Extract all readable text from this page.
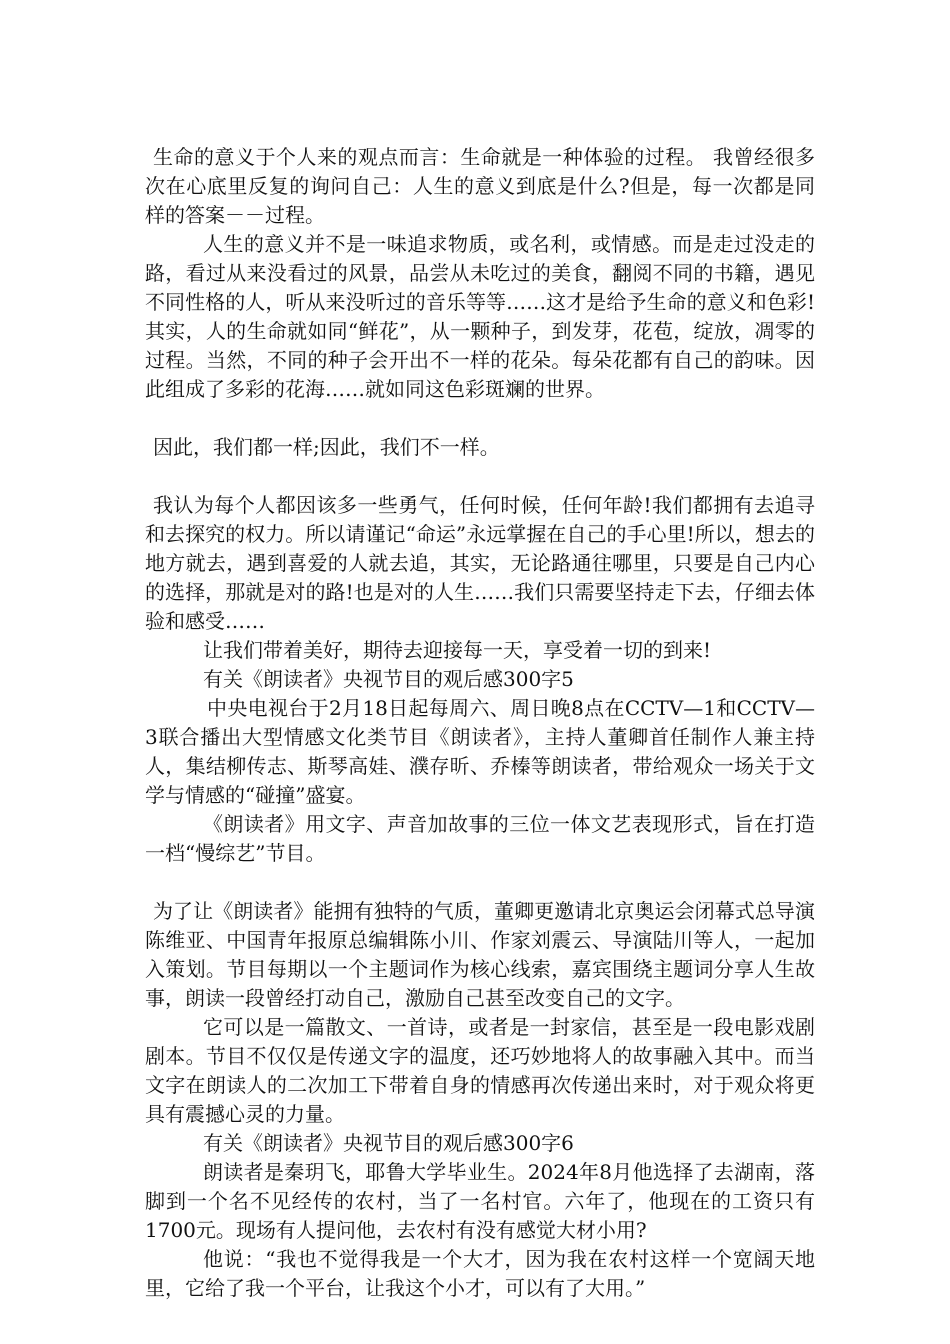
生命的意义于个人来的观点而言：生命就是一种体验的过程。 我曾经很多次在心底里反复的询问自己：人生的意义到底是什么?但是，每一次都是同样的答案－－过程。

人生的意义并不是一味追求物质，或名利，或情感。而是走过没走的路，看过从来没看过的风景，品尝从未吃过的美食，翻阅不同的书籍，遇见不同性格的人，听从来没听过的音乐等等……这才是给予生命的意义和色彩!其实，人的生命就如同“鲜花”，从一颗种子，到发芽，花苞，绽放，凋零的过程。当然，不同的种子会开出不一样的花朵。每朵花都有自己的韵味。因此组成了多彩的花海……就如同这色彩斑斓的世界。

因此，我们都一样;因此，我们不一样。

我认为每个人都因该多一些勇气，任何时候，任何年龄!我们都拥有去追寻和去探究的权力。所以请谨记“命运”永远掌握在自己的手心里!所以，想去的地方就去，遇到喜爱的人就去追，其实，无论路通往哪里，只要是自己内心的选择，那就是对的路!也是对的人生……我们只需要坚持走下去，仔细去体验和感受……

让我们带着美好，期待去迎接每一天，享受着一切的到来!

有关《朗读者》央视节目的观后感300字5

中央电视台于2月18日起每周六、周日晚8点在CCTV—1和CCTV—3联合播出大型情感文化类节目《朗读者》，主持人董卿首任制作人兼主持人，集结柳传志、斯琴高娃、濮存昕、乔榛等朗读者，带给观众一场关于文学与情感的“碰撞”盛宴。

《朗读者》用文字、声音加故事的三位一体文艺表现形式，旨在打造一档“慢综艺”节目。

为了让《朗读者》能拥有独特的气质，董卿更邀请北京奥运会闭幕式总导演陈维亚、中国青年报原总编辑陈小川、作家刘震云、导演陆川等人，一起加入策划。节目每期以一个主题词作为核心线索，嘉宾围绕主题词分享人生故事，朗读一段曾经打动自己，激励自己甚至改变自己的文字。

它可以是一篇散文、一首诗，或者是一封家信，甚至是一段电影戏剧剧本。节目不仅仅是传递文字的温度，还巧妙地将人的故事融入其中。而当文字在朗读人的二次加工下带着自身的情感再次传递出来时，对于观众将更具有震撼心灵的力量。

有关《朗读者》央视节目的观后感300字6

朗读者是秦玥飞，耶鲁大学毕业生。2024年8月他选择了去湖南，落脚到一个名不见经传的农村，当了一名村官。六年了，他现在的工资只有1700元。现场有人提问他，去农村有没有感觉大材小用?

他说：“我也不觉得我是一个大才，因为我在农村这样一个宽阔天地里，它给了我一个平台，让我这个小才，可以有了大用。”
